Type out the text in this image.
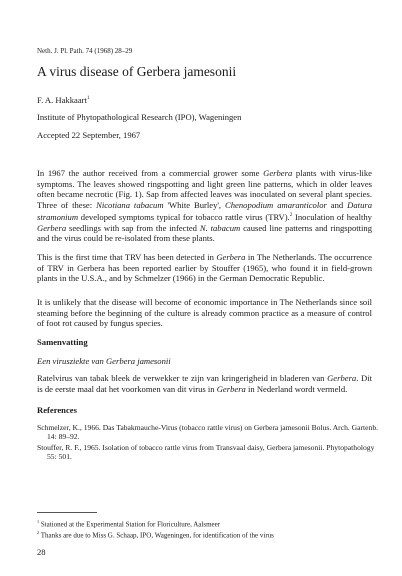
Neth. J. Pl. Path. 74 (1968) 28–29
A virus disease of Gerbera jamesonii
F. A. Hakkaart$^1$
Institute of Phytopathological Research (IPO), Wageningen
Accepted 22 September, 1967
In 1967 the author received from a commercial grower some Gerbera plants with virus-like symptoms. The leaves showed ringspotting and light green line patterns, which in older leaves often became necrotic (Fig. 1). Sap from affected leaves was inoculated on several plant species. Three of these: Nicotiana tabacum 'White Burley', Chenopodium amaranticolor and Datura stramonium developed symptoms typical for tobacco rattle virus (TRV).$^2$ Inoculation of healthy Gerbera seedlings with sap from the infected N. tabacum caused line patterns and ringspotting and the virus could be re-isolated from these plants.
This is the first time that TRV has been detected in Gerbera in The Netherlands. The occurrence of TRV in Gerbera has been reported earlier by Stouffer (1965), who found it in field-grown plants in the U.S.A., and by Schmelzer (1966) in the German Democratic Republic.
It is unlikely that the disease will become of economic importance in The Netherlands since soil steaming before the beginning of the culture is already common practice as a measure of control of foot rot caused by fungus species.
Samenvatting
Een virusziekte van Gerbera jamesonii
Ratelvirus van tabak bleek de verwekker te zijn van kringerigheid in bladeren van Gerbera. Dit is de eerste maal dat het voorkomen van dit virus in Gerbera in Nederland wordt vermeld.
References
Schmelzer, K., 1966. Das Tabakmauche-Virus (tobacco rattle virus) on Gerbera jamesonii Bolus. Arch. Gartenb. 14: 89–92.
Stouffer, R. F., 1965. Isolation of tobacco rattle virus from Transvaal daisy, Gerbera jamesonii. Phytopathology 55: 501.
$^1$ Stationed at the Experimental Station for Floriculture, Aalsmeer
$^2$ Thanks are due to Miss G. Schaap, IPO, Wageningen, for identification of the virus
28
